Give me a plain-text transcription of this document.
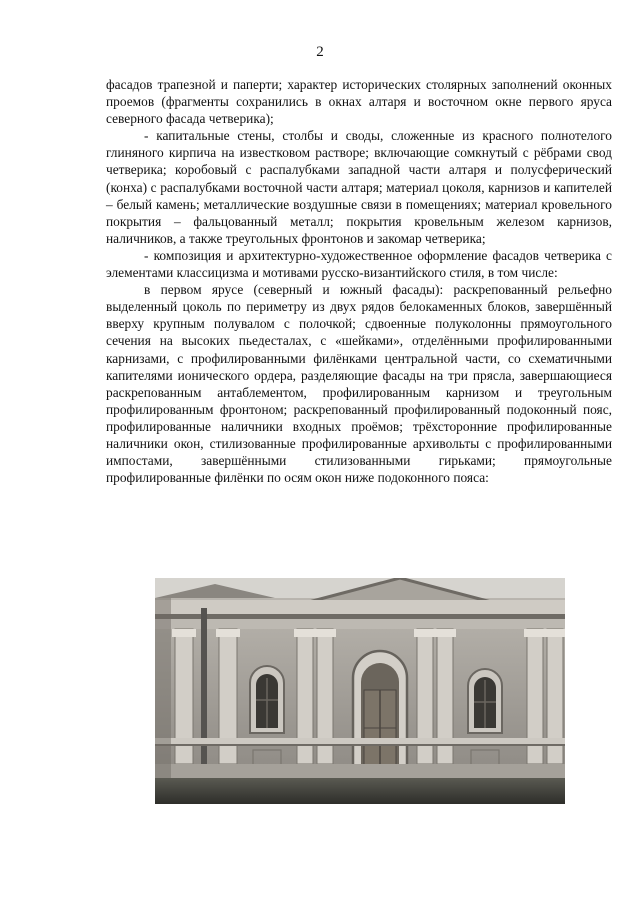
2

фасадов трапезной и паперти; характер исторических столярных заполнений оконных проемов (фрагменты сохранились в окнах алтаря и восточном окне первого яруса северного фасада четверика);

- капитальные стены, столбы и своды, сложенные из красного полнотелого глиняного кирпича на известковом растворе; включающие сомкнутый с рёбрами свод четверика; коробовый с распалубками западной части алтаря и полусферический (конха) с распалубками восточной части алтаря; материал цоколя, карнизов и капителей – белый камень; металлические воздушные связи в помещениях; материал кровельного покрытия – фальцованный металл; покрытия кровельным железом карнизов, наличников, а также треугольных фронтонов и закомар четверика;

- композиция и архитектурно-художественное оформление фасадов четверика с элементами классицизма и мотивами русско-византийского стиля, в том числе:

в первом ярусе (северный и южный фасады): раскрепованный рельефно выделенный цоколь по периметру из двух рядов белокаменных блоков, завершённый вверху крупным полувалом с полочкой; сдвоенные полуколонны прямоугольного сечения на высоких пьедесталах, с «шейками», отделёнными профилированными карнизами, с профилированными филёнками центральной части, со схематичными капителями ионического ордера, разделяющие фасады на три прясла, завершающиеся раскрепованным антаблементом, профилированным карнизом и треугольным профилированным фронтоном; раскрепованный профилированный подоконный пояс, профилированные наличники входных проёмов; трёхсторонние профилированные наличники окон, стилизованные профилированные архивольты с профилированными импостами, завершёнными стилизованными гирьками; прямоугольные профилированные филёнки по осям окон ниже подоконного пояса:
